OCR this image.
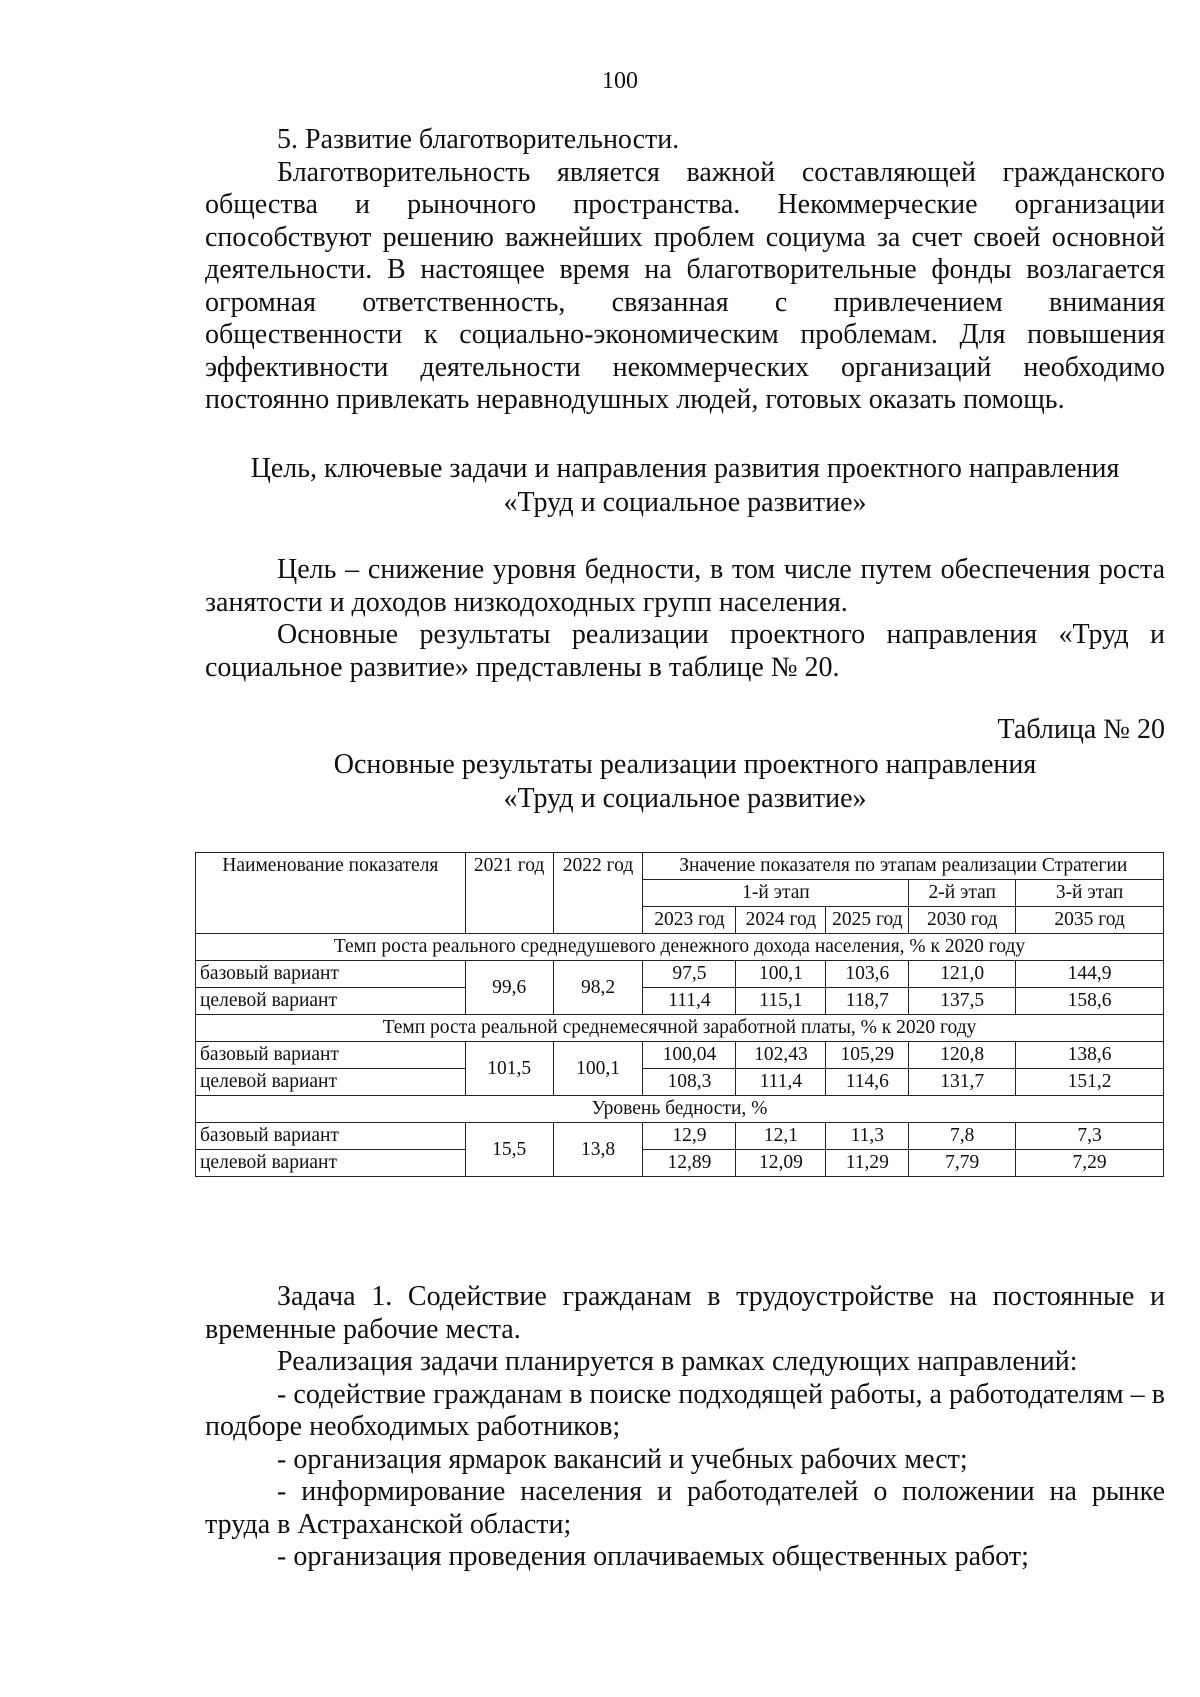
100

5. Развитие благотворительности.

Благотворительность является важной составляющей гражданского общества и рыночного пространства. Некоммерческие организации способствуют решению важнейших проблем социума за счет своей основной деятельности. В настоящее время на благотворительные фонды возлагается огромная ответственность, связанная с привлечением внимания общественности к социально-экономическим проблемам. Для повышения эффективности деятельности некоммерческих организаций необходимо постоянно привлекать неравнодушных людей, готовых оказать помощь.

Цель, ключевые задачи и направления развития проектного направления
«Труд и социальное развитие»

Цель – снижение уровня бедности, в том числе путем обеспечения роста занятости и доходов низкодоходных групп населения.

Основные результаты реализации проектного направления «Труд и социальное развитие» представлены в таблице № 20.

Таблица № 20
Основные результаты реализации проектного направления
«Труд и социальное развитие»
Наименование показателя	2021 год	2022 год	Значение показателя по этапам реализации Стратегии				
			1-й этап			2-й этап	3-й этап
			2023 год	2024 год	2025 год	2030 год	2035 год
Темп роста реального среднедушевого денежного дохода населения, % к 2020 году							
базовый вариант	99,6	98,2	97,5	100,1	103,6	121,0	144,9
целевой вариант			111,4	115,1	118,7	137,5	158,6
Темп роста реальной среднемесячной заработной платы, % к 2020 году							
базовый вариант	101,5	100,1	100,04	102,43	105,29	120,8	138,6
целевой вариант			108,3	111,4	114,6	131,7	151,2
Уровень бедности, %							
базовый вариант	15,5	13,8	12,9	12,1	11,3	7,8	7,3
целевой вариант			12,89	12,09	11,29	7,79	7,29

Задача 1. Содействие гражданам в трудоустройстве на постоянные и временные рабочие места.

Реализация задачи планируется в рамках следующих направлений:

- содействие гражданам в поиске подходящей работы, а работодателям – в подборе необходимых работников;

- организация ярмарок вакансий и учебных рабочих мест;

- информирование населения и работодателей о положении на рынке труда в Астраханской области;

- организация проведения оплачиваемых общественных работ;
